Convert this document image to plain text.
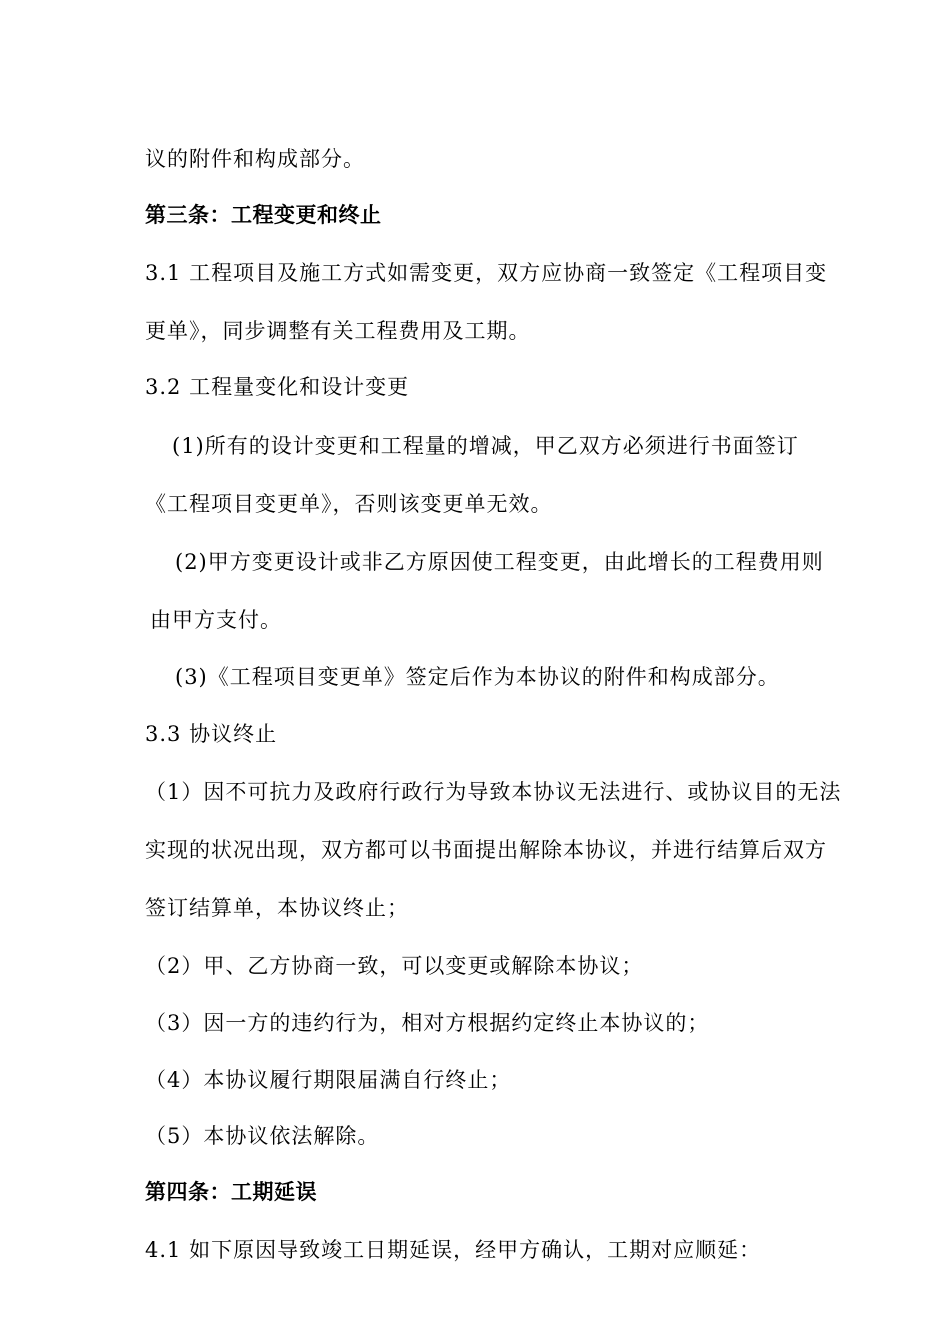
议的附件和构成部分。

第三条：工程变更和终止

3.1 工程项目及施工方式如需变更，双方应协商一致签定《工程项目变

更单》，同步调整有关工程费用及工期。

3.2 工程量变化和设计变更

(1)所有的设计变更和工程量的增减，甲乙双方必须进行书面签订

《工程项目变更单》，否则该变更单无效。

(2)甲方变更设计或非乙方原因使工程变更，由此增长的工程费用则

由甲方支付。

(3)《工程项目变更单》签定后作为本协议的附件和构成部分。

3.3 协议终止

（1）因不可抗力及政府行政行为导致本协议无法进行、或协议目的无法

实现的状况出现，双方都可以书面提出解除本协议，并进行结算后双方

签订结算单，本协议终止；

（2）甲、乙方协商一致，可以变更或解除本协议；

（3）因一方的违约行为，相对方根据约定终止本协议的；

（4）本协议履行期限届满自行终止；

（5）本协议依法解除。

第四条：工期延误

4.1 如下原因导致竣工日期延误，经甲方确认，工期对应顺延：
